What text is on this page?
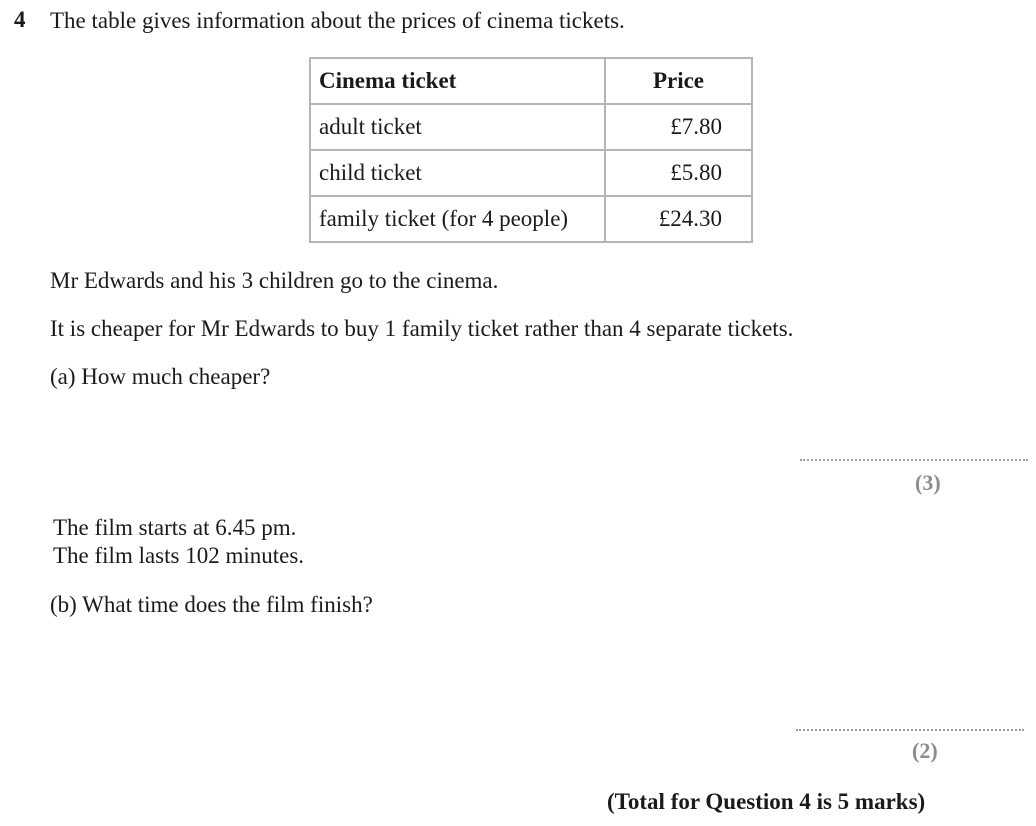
4 The table gives information about the prices of cinema tickets.
Cinema ticket	Price
adult ticket	£7.80
child ticket	£5.80
family ticket (for 4 people)	£24.30
Mr Edwards and his 3 children go to the cinema.
It is cheaper for Mr Edwards to buy 1 family ticket rather than 4 separate tickets.
(a) How much cheaper?
(3)
The film starts at 6.45 pm.
The film lasts 102 minutes.
(b) What time does the film finish?
(2)
(Total for Question 4 is 5 marks)
